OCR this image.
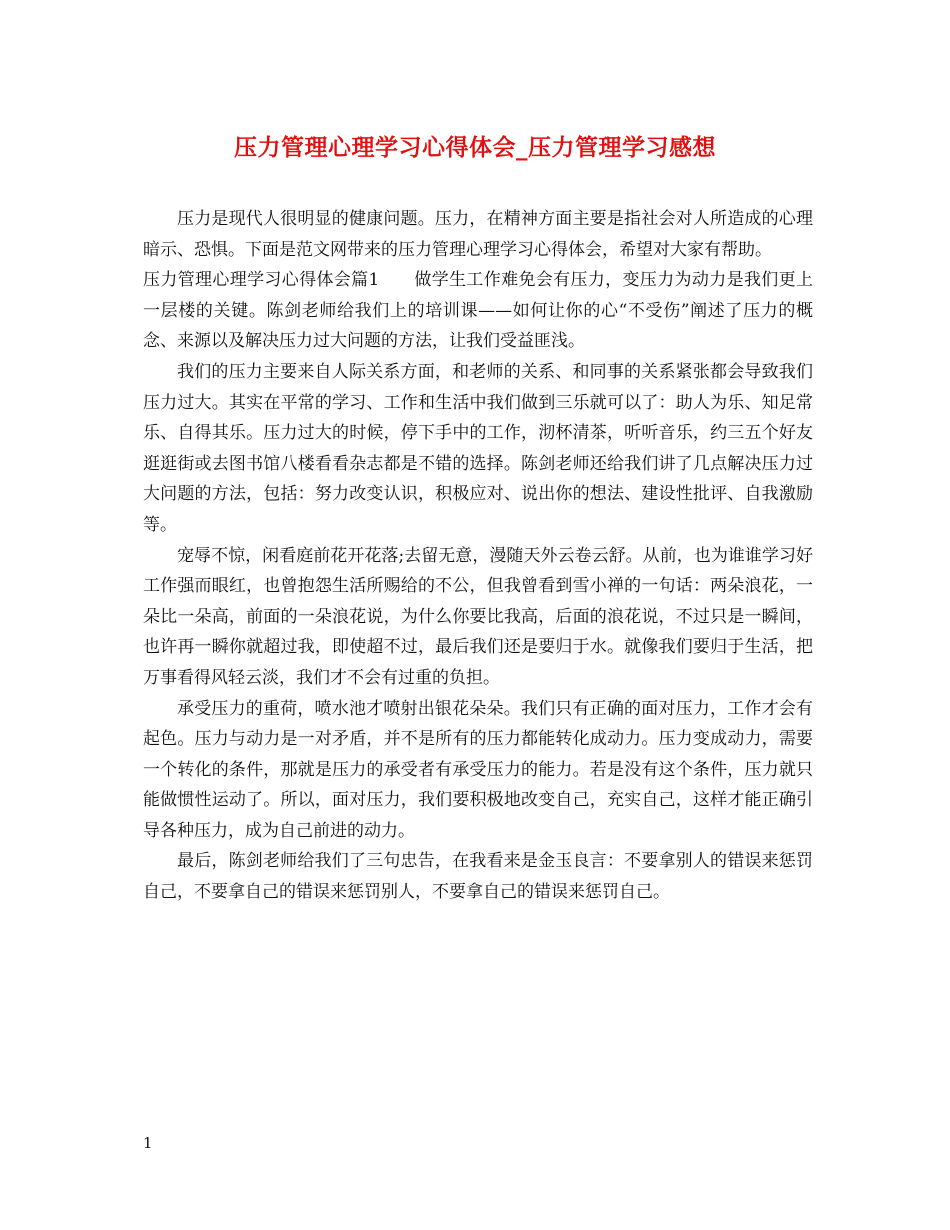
压力管理心理学习心得体会_压力管理学习感想

压力是现代人很明显的健康问题。压力，在精神方面主要是指社会对人所造成的心理暗示、恐惧。下面是范文网带来的压力管理心理学习心得体会，希望对大家有帮助。

压力管理心理学习心得体会篇1　　做学生工作难免会有压力，变压力为动力是我们更上一层楼的关键。陈剑老师给我们上的培训课——如何让你的心“不受伤”阐述了压力的概念、来源以及解决压力过大问题的方法，让我们受益匪浅。

我们的压力主要来自人际关系方面，和老师的关系、和同事的关系紧张都会导致我们压力过大。其实在平常的学习、工作和生活中我们做到三乐就可以了：助人为乐、知足常乐、自得其乐。压力过大的时候，停下手中的工作，沏杯清茶，听听音乐，约三五个好友逛逛街或去图书馆八楼看看杂志都是不错的选择。陈剑老师还给我们讲了几点解决压力过大问题的方法，包括：努力改变认识，积极应对、说出你的想法、建设性批评、自我激励等。

宠辱不惊，闲看庭前花开花落;去留无意，漫随天外云卷云舒。从前，也为谁谁学习好工作强而眼红，也曾抱怨生活所赐给的不公，但我曾看到雪小禅的一句话：两朵浪花，一朵比一朵高，前面的一朵浪花说，为什么你要比我高，后面的浪花说，不过只是一瞬间，也许再一瞬你就超过我，即使超不过，最后我们还是要归于水。就像我们要归于生活，把万事看得风轻云淡，我们才不会有过重的负担。

承受压力的重荷，喷水池才喷射出银花朵朵。我们只有正确的面对压力，工作才会有起色。压力与动力是一对矛盾，并不是所有的压力都能转化成动力。压力变成动力，需要一个转化的条件，那就是压力的承受者有承受压力的能力。若是没有这个条件，压力就只能做惯性运动了。所以，面对压力，我们要积极地改变自己，充实自己，这样才能正确引导各种压力，成为自己前进的动力。

最后，陈剑老师给我们了三句忠告，在我看来是金玉良言：不要拿别人的错误来惩罚自己，不要拿自己的错误来惩罚别人，不要拿自己的错误来惩罚自己。

1
